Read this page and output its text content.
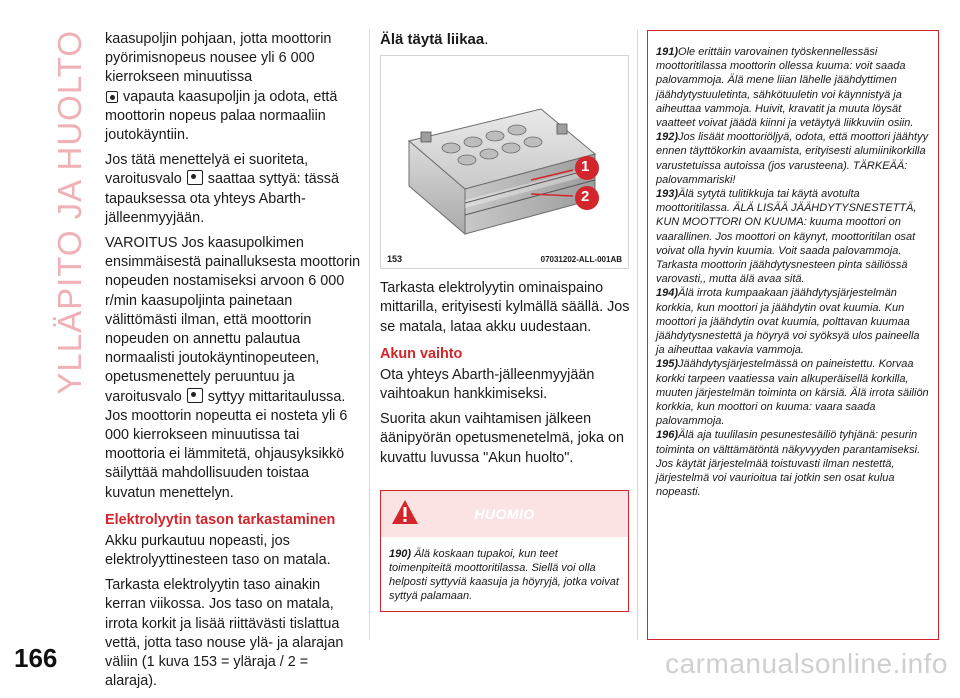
YLLÄPITO JA HUOLTO kaasupoljin pohjaan, jotta moottorin pyörimisnopeus nousee yli 6 000 kierrokseen minuutissa
vapauta kaasupoljin ja odota, että moottorin nopeus palaa normaaliin joutokäyntiin.

Jos tätä menettelyä ei suoriteta, varoitusvalo saattaa syttyä: tässä tapauksessa ota yhteys Abarth-jälleenmyyjään.

VAROITUS Jos kaasupolkimen ensimmäisestä painalluksesta moottorin nopeuden nostamiseksi arvoon 6 000 r/min kaasupoljinta painetaan välittömästi ilman, että moottorin nopeuden on annettu palautua normaalisti joutokäyntinopeuteen, opetusmenettely peruuntuu ja varoitusvalo syttyy mittaritaulussa. Jos moottorin nopeutta ei nosteta yli 6 000 kierrokseen minuutissa tai moottoria ei lämmitetä, ohjausyksikkö säilyttää mahdollisuuden toistaa kuvatun menettelyn.

Elektrolyytin tason tarkastaminen

Akku purkautuu nopeasti, jos elektrolyyttinesteen taso on matala.

Tarkasta elektrolyytin taso ainakin kerran viikossa. Jos taso on matala, irrota korkit ja lisää riittävästi tislattua vettä, jotta taso nouse ylä- ja alarajan väliin (1 kuva 153 = yläraja / 2 = alaraja).

Älä täytä liikaa.

1
2
153	07031202-ALL-001AB

Tarkasta elektrolyytin ominaispaino mittarilla, erityisesti kylmällä säällä. Jos se matala, lataa akku uudestaan.

Akun vaihto

Ota yhteys Abarth-jälleenmyyjään vaihtoakun hankkimiseksi.

Suorita akun vaihtamisen jälkeen äänipyörän opetusmenetelmä, joka on kuvattu luvussa "Akun huolto".

HUOMIO
190) Älä koskaan tupakoi, kun teet toimenpiteitä moottoritilassa. Siellä voi olla helposti syttyviä kaasuja ja höyryjä, jotka voivat syttyä palamaan.

191)Ole erittäin varovainen työskennellessäsi moottoritilassa moottorin ollessa kuuma: voit saada palovammoja. Älä mene liian lähelle jäähdyttimen jäähdytystuuletinta, sähkötuuletin voi käynnistyä ja aiheuttaa vammoja. Huivit, kravatit ja muuta löysät vaatteet voivat jäädä kiinni ja vetäytyä liikkuviin osiin.

192)Jos lisäät moottoriöljyä, odota, että moottori jäähtyy ennen täyttökorkin avaamista, erityisesti alumiinikorkilla varustetuissa autoissa (jos varusteena). TÄRKEÄÄ: palovammariski!

193)Älä sytytä tulitikkuja tai käytä avotulta moottoritilassa. ÄLÄ LISÄÄ JÄÄHDYTYSNESTETTÄ, KUN MOOTTORI ON KUUMA: kuuma moottori on vaarallinen. Jos moottori on käynyt, moottoritilan osat voivat olla hyvin kuumia. Voit saada palovammoja. Tarkasta moottorin jäähdytysnesteen pinta säiliössä varovasti,, mutta älä avaa sitä.

194)Älä irrota kumpaakaan jäähdytysjärjestelmän korkkia, kun moottori ja jäähdytin ovat kuumia. Kun moottori ja jäähdytin ovat kuumia, polttavan kuumaa jäähdytysnestettä ja höyryä voi syöksyä ulos paineella ja aiheuttaa vakavia vammoja.

195)Jäähdytysjärjestelmässä on paineistettu. Korvaa korkki tarpeen vaatiessa vain alkuperäisellä korkilla, muuten järjestelmän toiminta on kärsiä. Älä irrota säiliön korkkia, kun moottori on kuuma: vaara saada palovammoja.

196)Älä aja tuulilasin pesunestesäiliö tyhjänä: pesurin toiminta on välttämätöntä näkyvyyden parantamiseksi. Jos käytät järjestelmää toistuvasti ilman nestettä, järjestelmä voi vaurioitua tai jotkin sen osat kulua nopeasti.

166	carmanualsonline.info
